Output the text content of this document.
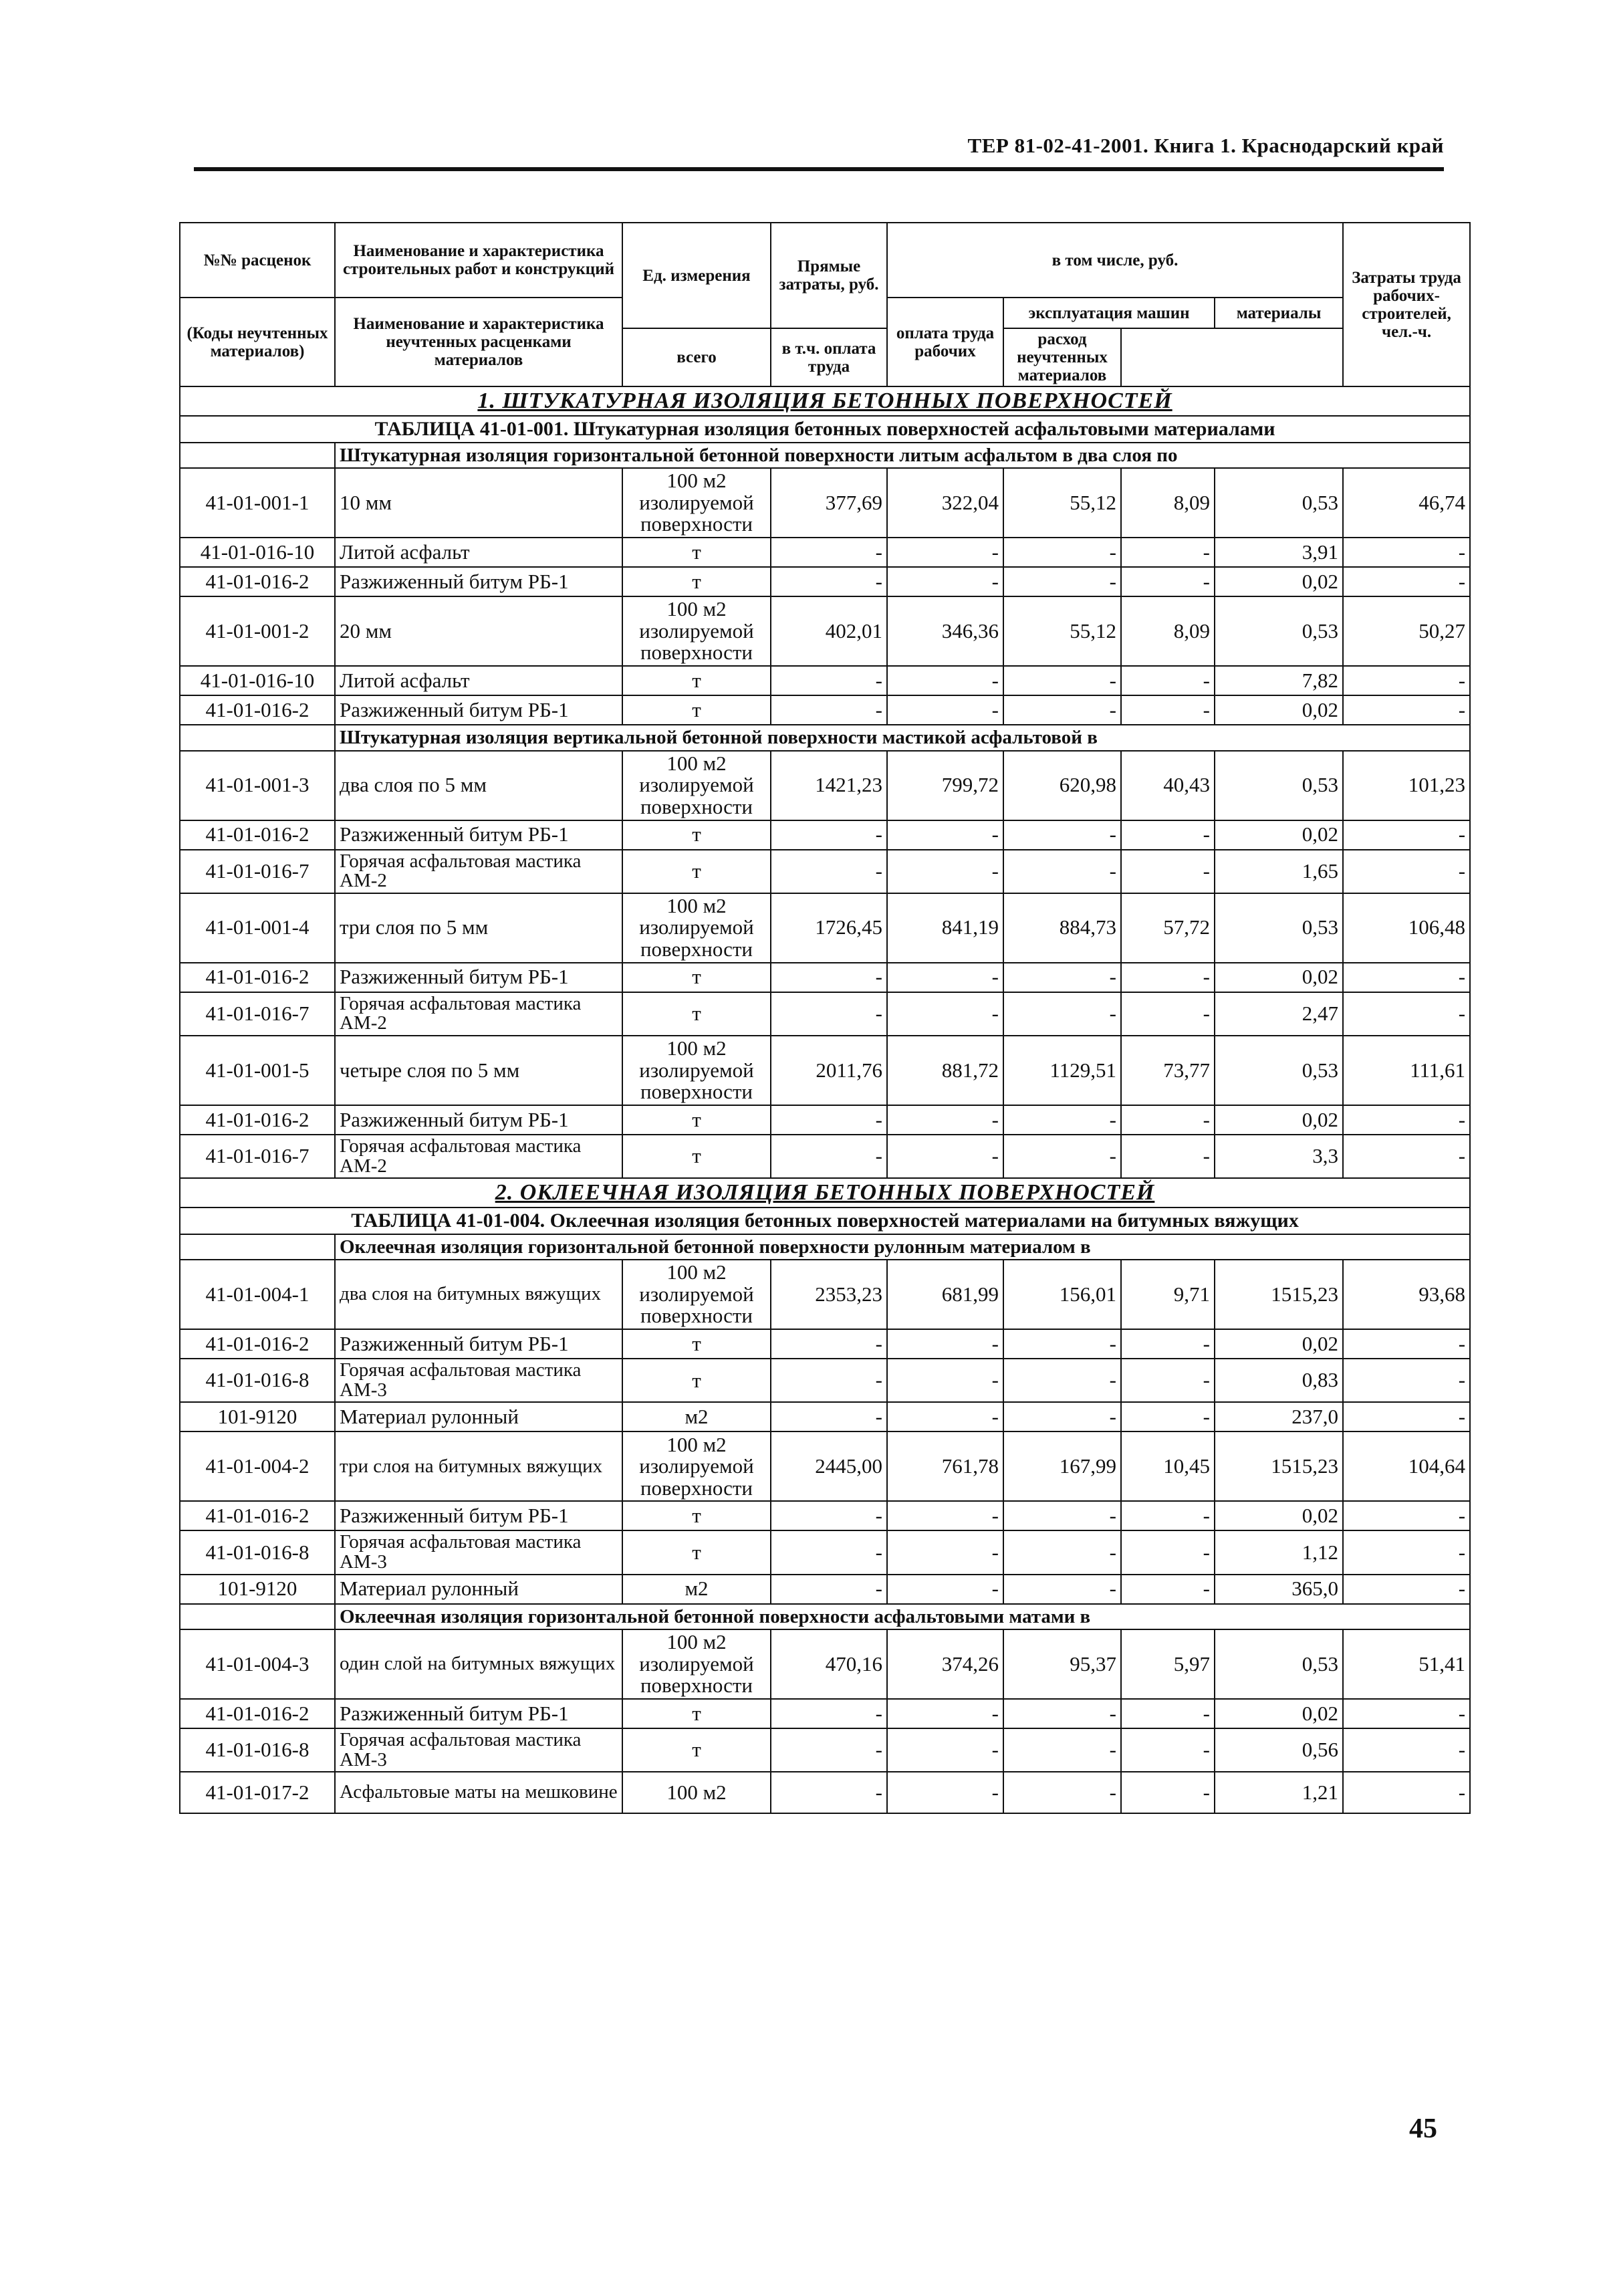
ТЕР 81-02-41-2001. Книга 1. Краснодарский край
№№ расценок	Наименование и характеристика строительных работ и конструкций	Ед. измерения	Прямые затраты, руб.	в том числе, руб.				Затраты труда рабочих-строителей, чел.-ч.
(Коды неучтенных материалов)	Наименование и характеристика неучтенных расценками материалов			оплата труда рабочих	эксплуатация машин		материалы	
		всего	в т.ч. оплата труда		расход неучтенных материалов			
1. ШТУКАТУРНАЯ ИЗОЛЯЦИЯ БЕТОННЫХ ПОВЕРХНОСТЕЙ								
ТАБЛИЦА 41-01-001. Штукатурная изоляция бетонных поверхностей асфальтовыми материалами								
	Штукатурная изоляция горизонтальной бетонной поверхности литым асфальтом в два слоя по							
41-01-001-1	10 мм	100 м2 изолируемой поверхности	377,69	322,04	55,12	8,09	0,53	46,74
41-01-016-10	Литой асфальт	т	-	-	-	-	3,91	-
41-01-016-2	Разжиженный битум РБ-1	т	-	-	-	-	0,02	-
41-01-001-2	20 мм	100 м2 изолируемой поверхности	402,01	346,36	55,12	8,09	0,53	50,27
41-01-016-10	Литой асфальт	т	-	-	-	-	7,82	-
41-01-016-2	Разжиженный битум РБ-1	т	-	-	-	-	0,02	-
	Штукатурная изоляция вертикальной бетонной поверхности мастикой асфальтовой в							
41-01-001-3	два слоя по 5 мм	100 м2 изолируемой поверхности	1421,23	799,72	620,98	40,43	0,53	101,23
41-01-016-2	Разжиженный битум РБ-1	т	-	-	-	-	0,02	-
41-01-016-7	Горячая асфальтовая мастика АМ-2	т	-	-	-	-	1,65	-
41-01-001-4	три слоя по 5 мм	100 м2 изолируемой поверхности	1726,45	841,19	884,73	57,72	0,53	106,48
41-01-016-2	Разжиженный битум РБ-1	т	-	-	-	-	0,02	-
41-01-016-7	Горячая асфальтовая мастика АМ-2	т	-	-	-	-	2,47	-
41-01-001-5	четыре слоя по 5 мм	100 м2 изолируемой поверхности	2011,76	881,72	1129,51	73,77	0,53	111,61
41-01-016-2	Разжиженный битум РБ-1	т	-	-	-	-	0,02	-
41-01-016-7	Горячая асфальтовая мастика АМ-2	т	-	-	-	-	3,3	-
2. ОКЛЕЕЧНАЯ ИЗОЛЯЦИЯ БЕТОННЫХ ПОВЕРХНОСТЕЙ								
ТАБЛИЦА 41-01-004. Оклеечная изоляция бетонных поверхностей материалами на битумных вяжущих								
	Оклеечная изоляция горизонтальной бетонной поверхности рулонным материалом в							
41-01-004-1	два слоя на битумных вяжущих	100 м2 изолируемой поверхности	2353,23	681,99	156,01	9,71	1515,23	93,68
41-01-016-2	Разжиженный битум РБ-1	т	-	-	-	-	0,02	-
41-01-016-8	Горячая асфальтовая мастика АМ-3	т	-	-	-	-	0,83	-
101-9120	Материал рулонный	м2	-	-	-	-	237,0	-
41-01-004-2	три слоя на битумных вяжущих	100 м2 изолируемой поверхности	2445,00	761,78	167,99	10,45	1515,23	104,64
41-01-016-2	Разжиженный битум РБ-1	т	-	-	-	-	0,02	-
41-01-016-8	Горячая асфальтовая мастика АМ-3	т	-	-	-	-	1,12	-
101-9120	Материал рулонный	м2	-	-	-	-	365,0	-
	Оклеечная изоляция горизонтальной бетонной поверхности асфальтовыми матами в							
41-01-004-3	один слой на битумных вяжущих	100 м2 изолируемой поверхности	470,16	374,26	95,37	5,97	0,53	51,41
41-01-016-2	Разжиженный битум РБ-1	т	-	-	-	-	0,02	-
41-01-016-8	Горячая асфальтовая мастика АМ-3	т	-	-	-	-	0,56	-
41-01-017-2	Асфальтовые маты на мешковине	100 м2	-	-	-	-	1,21	-
45
